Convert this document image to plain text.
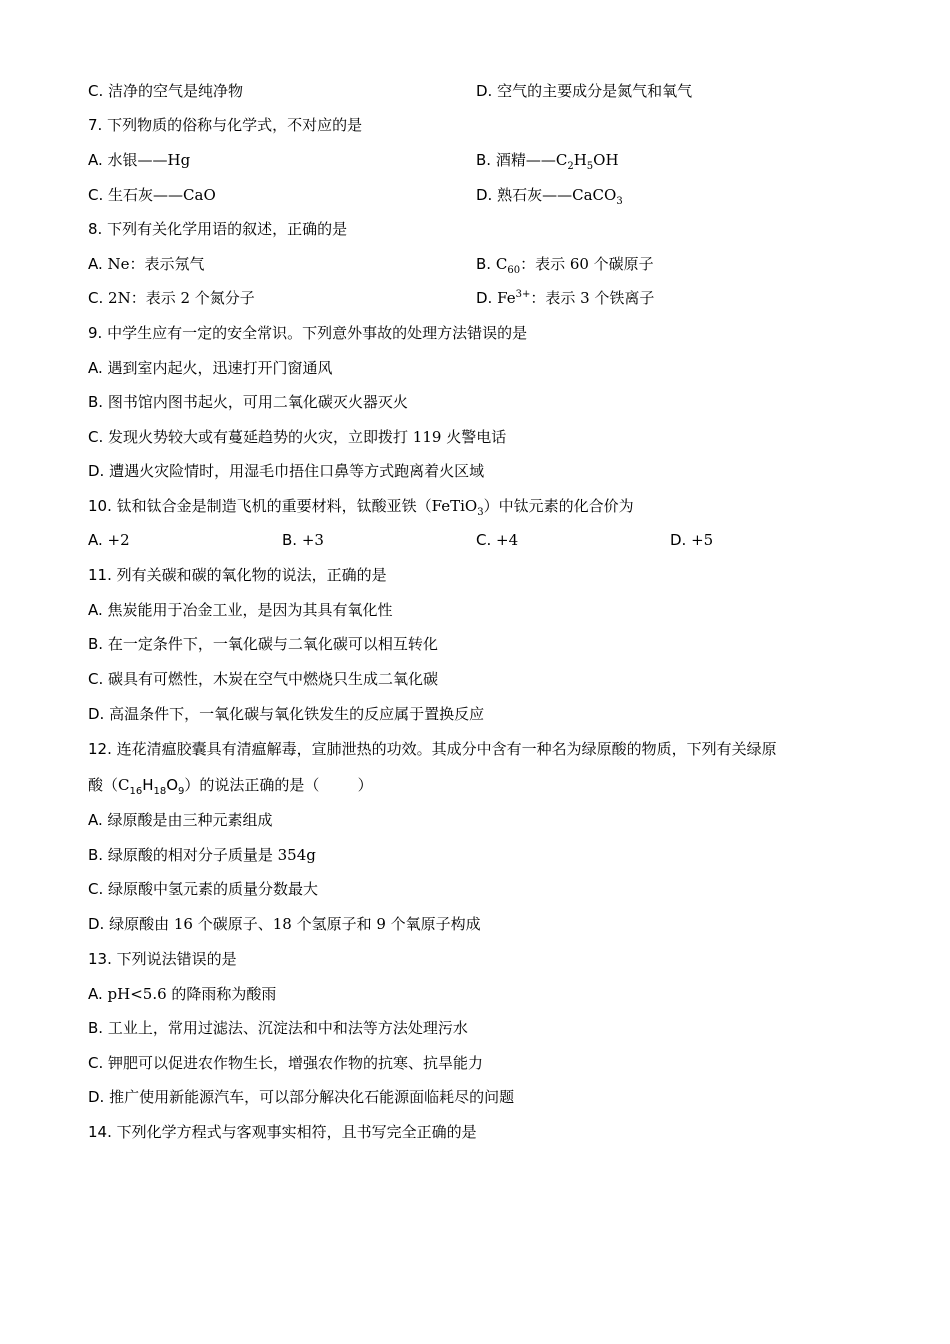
C. 洁净的空气是纯净物	D. 空气的主要成分是氮气和氧气
7. 下列物质的俗称与化学式，不对应的是
A. 水银——Hg	B. 酒精$——C_2H_5OH$
C. 生石灰——CaO	D. 熟石灰——CaCO$_3$
8. 下列有关化学用语的叙述，正确的是
A. Ne：表示氖气	B. $C_{60}$：表示 60 个碳原子
C. 2N：表示 2 个氮分子	D. $Fe^{3+}$：表示 3 个铁离子
9. 中学生应有一定的安全常识。下列意外事故的处理方法错误的是
A. 遇到室内起火，迅速打开门窗通风
B. 图书馆内图书起火，可用二氧化碳灭火器灭火
C. 发现火势较大或有蔓延趋势的火灾，立即拨打 119 火警电话
D. 遭遇火灾险情时，用湿毛巾捂住口鼻等方式跑离着火区域
10. 钛和钛合金是制造飞机的重要材料，钛酸亚铁（FeTiO$_3$）中钛元素的化合价为
A. +2	B. +3	C. +4	D. +5
11. 列有关碳和碳的氧化物的说法，正确的是
A. 焦炭能用于冶金工业，是因为其具有氧化性
B. 在一定条件下，一氧化碳与二氧化碳可以相互转化
C. 碳具有可燃性，木炭在空气中燃烧只生成二氧化碳
D. 高温条件下，一氧化碳与氧化铁发生的反应属于置换反应
12. 连花清瘟胶囊具有清瘟解毒，宣肺泄热的功效。其成分中含有一种名为绿原酸的物质，下列有关绿原
酸$(C_{16}H_{18}O_9)$的说法正确的是（        ）
A. 绿原酸是由三种元素组成
B. 绿原酸的相对分子质量是 354g
C. 绿原酸中氢元素的质量分数最大
D. 绿原酸由 16 个碳原子、18 个氢原子和 9 个氧原子构成
13. 下列说法错误的是
A. pH<5.6 的降雨称为酸雨
B. 工业上，常用过滤法、沉淀法和中和法等方法处理污水
C. 钾肥可以促进农作物生长，增强农作物的抗寒、抗旱能力
D. 推广使用新能源汽车，可以部分解决化石能源面临耗尽的问题
14. 下列化学方程式与客观事实相符，且书写完全正确的是
